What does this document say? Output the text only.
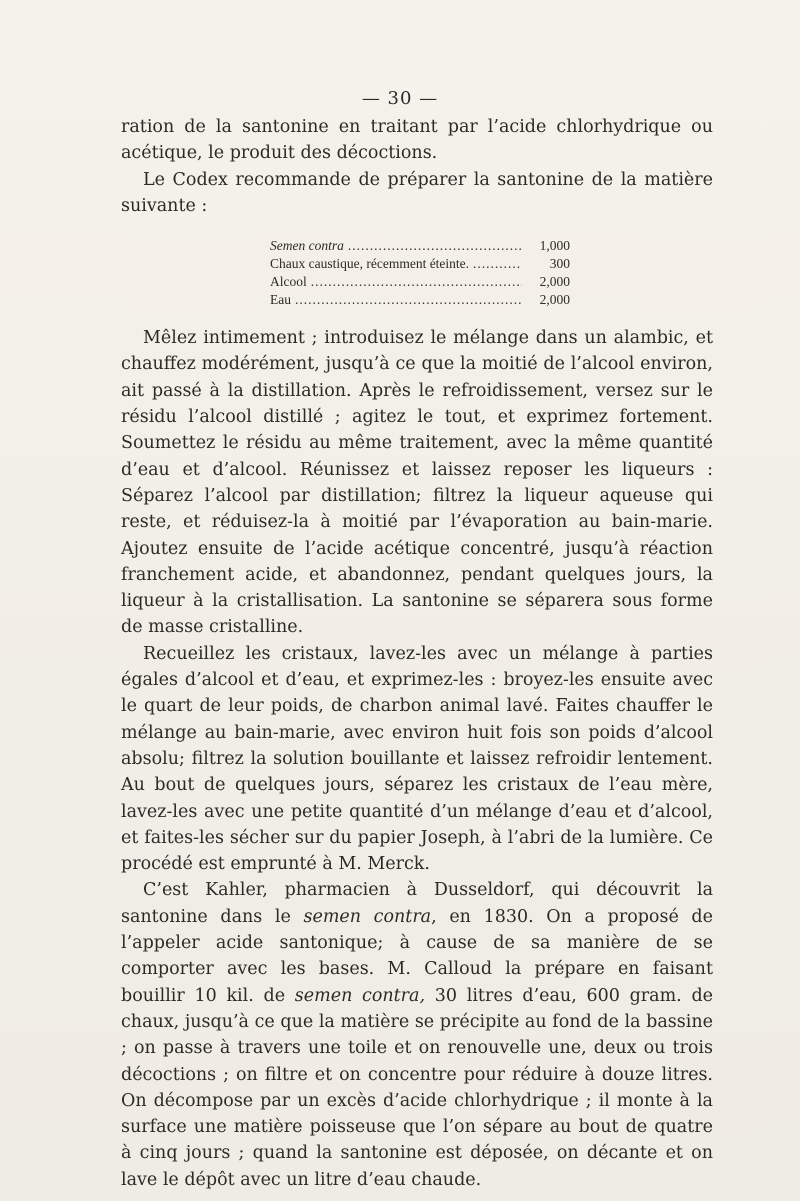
— 30 —

ration de la santonine en traitant par l’acide chlorhydrique ou acétique, le produit des décoctions.

Le Codex recommande de préparer la santonine de la matière suivante :

Semen contra .....	1,000
Chaux caustique, récemment éteinte. .....	300
Alcool .....	2,000
Eau .....	2,000

Mêlez intimement ; introduisez le mélange dans un alambic, et chauffez modérément, jusqu’à ce que la moitié de l’alcool environ, ait passé à la distillation. Après le refroidissement, versez sur le résidu l’alcool distillé ; agitez le tout, et exprimez fortement. Soumettez le résidu au même traitement, avec la même quantité d’eau et d’alcool. Réunissez et laissez reposer les liqueurs : Séparez l’alcool par distillation; filtrez la liqueur aqueuse qui reste, et réduisez-la à moitié par l’évaporation au bain-marie. Ajoutez ensuite de l’acide acétique concentré, jusqu’à réaction franchement acide, et abandonnez, pendant quelques jours, la liqueur à la cristallisation. La santonine se séparera sous forme de masse cristalline.

Recueillez les cristaux, lavez-les avec un mélange à parties égales d’alcool et d’eau, et exprimez-les : broyez-les ensuite avec le quart de leur poids, de charbon animal lavé. Faites chauffer le mélange au bain-marie, avec environ huit fois son poids d’alcool absolu; filtrez la solution bouillante et laissez refroidir lentement. Au bout de quelques jours, séparez les cristaux de l’eau mère, lavez-les avec une petite quantité d’un mélange d’eau et d’alcool, et faites-les sécher sur du papier Joseph, à l’abri de la lumière. Ce procédé est emprunté à M. Merck.

C’est Kahler, pharmacien à Dusseldorf, qui découvrit la santonine dans le semen contra, en 1830. On a proposé de l’appeler acide santonique; à cause de sa manière de se comporter avec les bases. M. Calloud la prépare en faisant bouillir 10 kil. de semen contra, 30 litres d’eau, 600 gram. de chaux, jusqu’à ce que la matière se précipite au fond de la bassine ; on passe à travers une toile et on renouvelle une, deux ou trois décoctions ; on filtre et on concentre pour réduire à douze litres. On décompose par un excès d’acide chlorhydrique ; il monte à la surface une matière poisseuse que l’on sépare au bout de quatre à cinq jours ; quand la santonine est déposée, on décante et on lave le dépôt avec un litre d’eau chaude.
